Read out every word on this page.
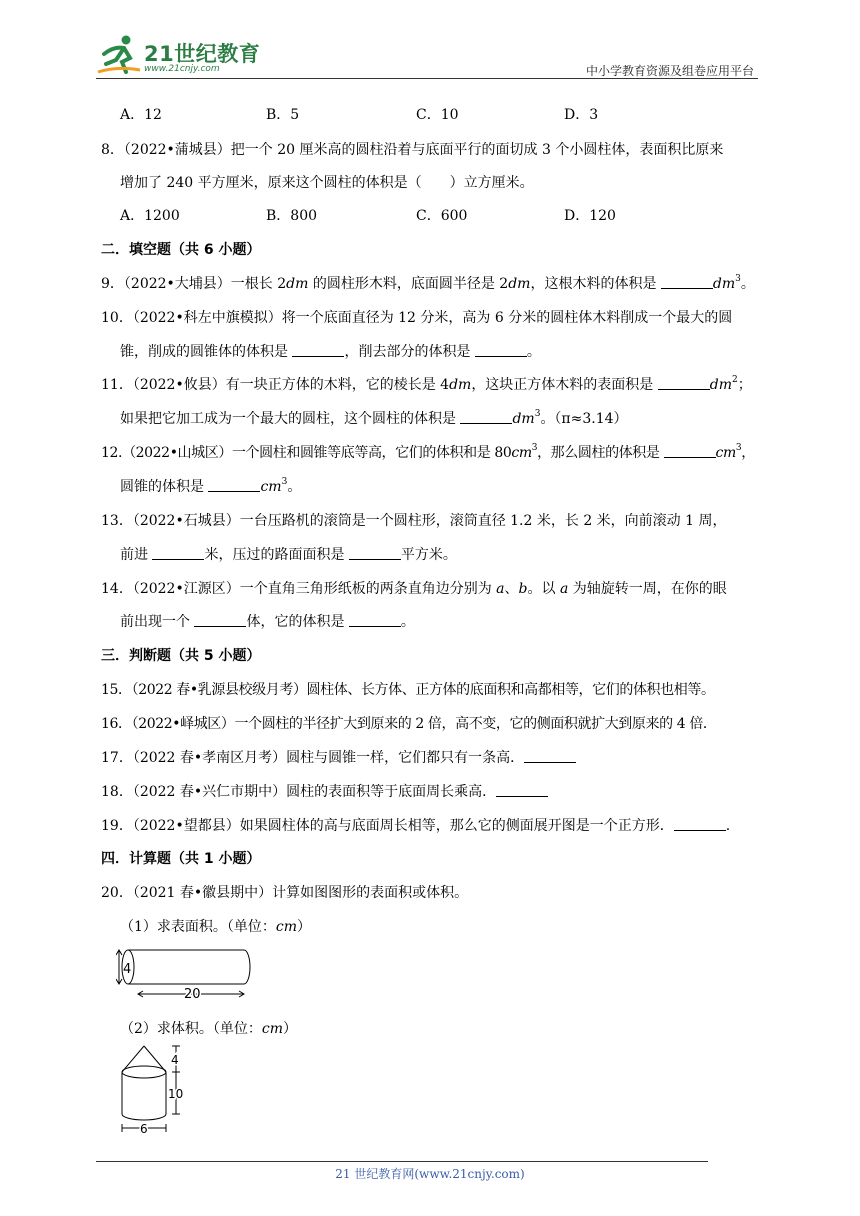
21世纪教育
www.21cnjy.com	中小学教育资源及组卷应用平台
A．12	B．5	C．10	D．3
8．（2022•蒲城县）把一个 20 厘米高的圆柱沿着与底面平行的面切成 3 个小圆柱体，表面积比原来
增加了 240 平方厘米，原来这个圆柱的体积是（　　）立方厘米。
A．1200	B．800	C．600	D．120
二．填空题（共 6 小题）
9．（2022•大埔县）一根长 2dm 的圆柱形木料，底面圆半径是 2dm，这根木料的体积是	$dm^3$。
10．（2022•科左中旗模拟）将一个底面直径为 12 分米，高为 6 分米的圆柱体木料削成一个最大的圆
锥，削成的圆锥体的体积是	，削去部分的体积是	。
11．（2022•攸县）有一块正方体的木料，它的棱长是 4dm，这块正方体木料的表面积是	$dm^2$；
如果把它加工成为一个最大的圆柱，这个圆柱的体积是	$dm^3$。（π≈3.14）
12.（2022•山城区）一个圆柱和圆锥等底等高，它们的体积和是 $80cm^3$，那么圆柱的体积是	$cm^3$，
圆锥的体积是	$cm^3$。
13．（2022•石城县）一台压路机的滚筒是一个圆柱形，滚筒直径 1.2 米，长 2 米，向前滚动 1 周，
前进	米，压过的路面面积是	平方米。
14．（2022•江源区）一个直角三角形纸板的两条直角边分别为 a、b。以 a 为轴旋转一周，在你的眼
前出现一个	体，它的体积是	。
三．判断题（共 5 小题）
15．（2022 春•乳源县校级月考）圆柱体、长方体、正方体的底面积和高都相等，它们的体积也相等。
16．（2022•峄城区）一个圆柱的半径扩大到原来的 2 倍，高不变，它的侧面积就扩大到原来的 4 倍．
17．（2022 春•孝南区月考）圆柱与圆锥一样，它们都只有一条高．
18．（2022 春•兴仁市期中）圆柱的表面积等于底面周长乘高．
19．（2022•望都县）如果圆柱体的高与底面周长相等，那么它的侧面展开图是一个正方形．	.
四．计算题（共 1 小题）
20．（2021 春•徽县期中）计算如图图形的表面积或体积。
（1）求表面积。（单位：cm）
4
20
（2）求体积。（单位：cm）
4
10
6
21 世纪教育网(www.21cnjy.com)
